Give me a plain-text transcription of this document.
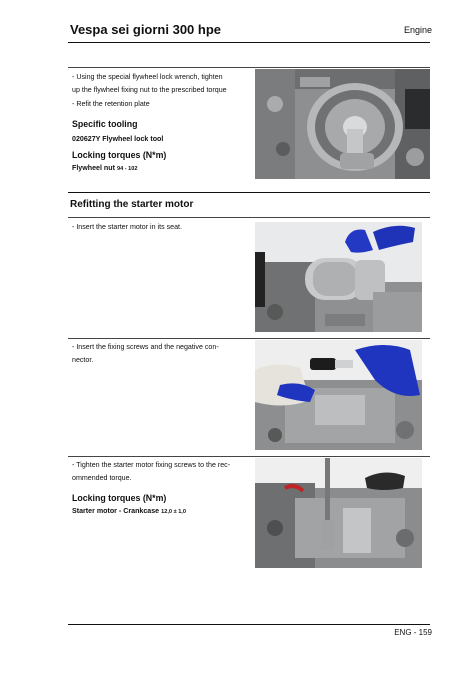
Vespa sei giorni 300 hpe	Engine
- Using the special flywheel lock wrench, tighten
up the flywheel fixing nut to the prescribed torque
- Refit the retention plate
Specific tooling
020627Y Flywheel lock tool
Locking torques (N*m)
Flywheel nut 94 - 102
Refitting the starter motor
- Insert the starter motor in its seat.
- Insert the fixing screws and the negative con-
nector.
- Tighten the starter motor fixing screws to the rec-
ommended torque.
Locking torques (N*m)
Starter motor - Crankcase 12,0 ± 1,0
ENG - 159
